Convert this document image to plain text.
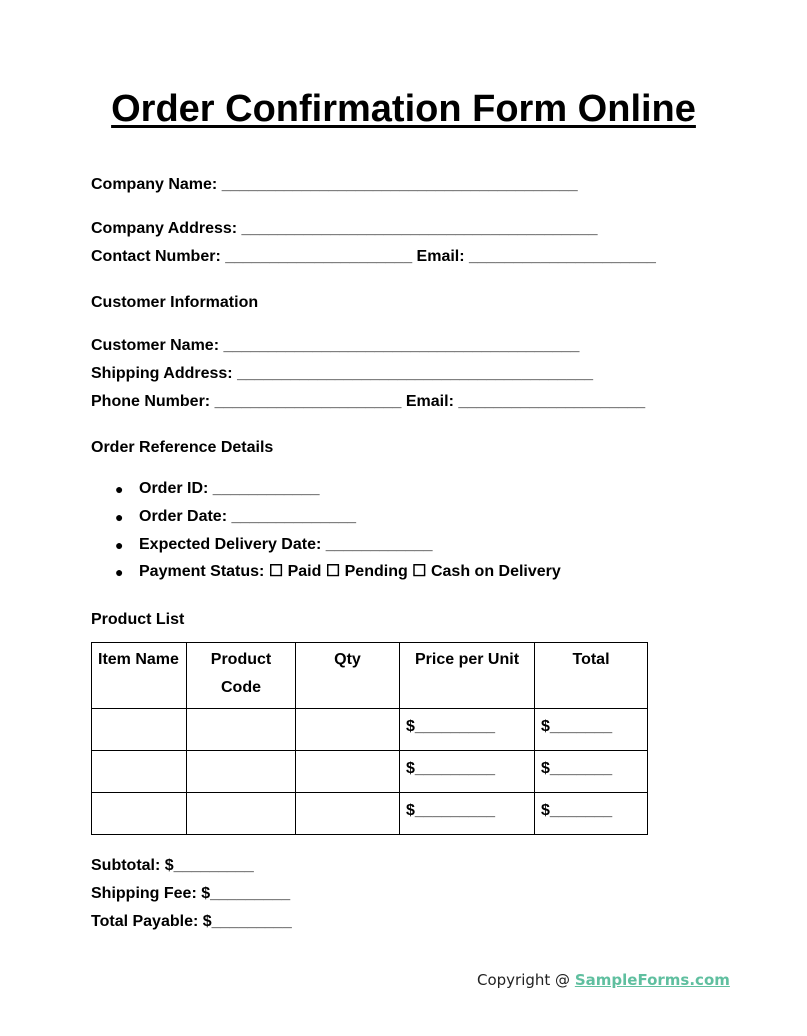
Order Confirmation Form Online
Company Name: ________________________________________
Company Address: ________________________________________
Contact Number: _____________________ Email: _____________________
Customer Information
Customer Name: ________________________________________
Shipping Address: ________________________________________
Phone Number: _____________________ Email: _____________________
Order Reference Details
● Order ID: ____________
● Order Date: ______________
● Expected Delivery Date: ____________
● Payment Status: ☐ Paid ☐ Pending ☐ Cash on Delivery
Product List
Item Name	Product Code	Qty	Price per Unit	Total
			$_________	$_______
			$_________	$_______
			$_________	$_______
Subtotal: $_________
Shipping Fee: $_________
Total Payable: $_________
Copyright @ SampleForms.com
